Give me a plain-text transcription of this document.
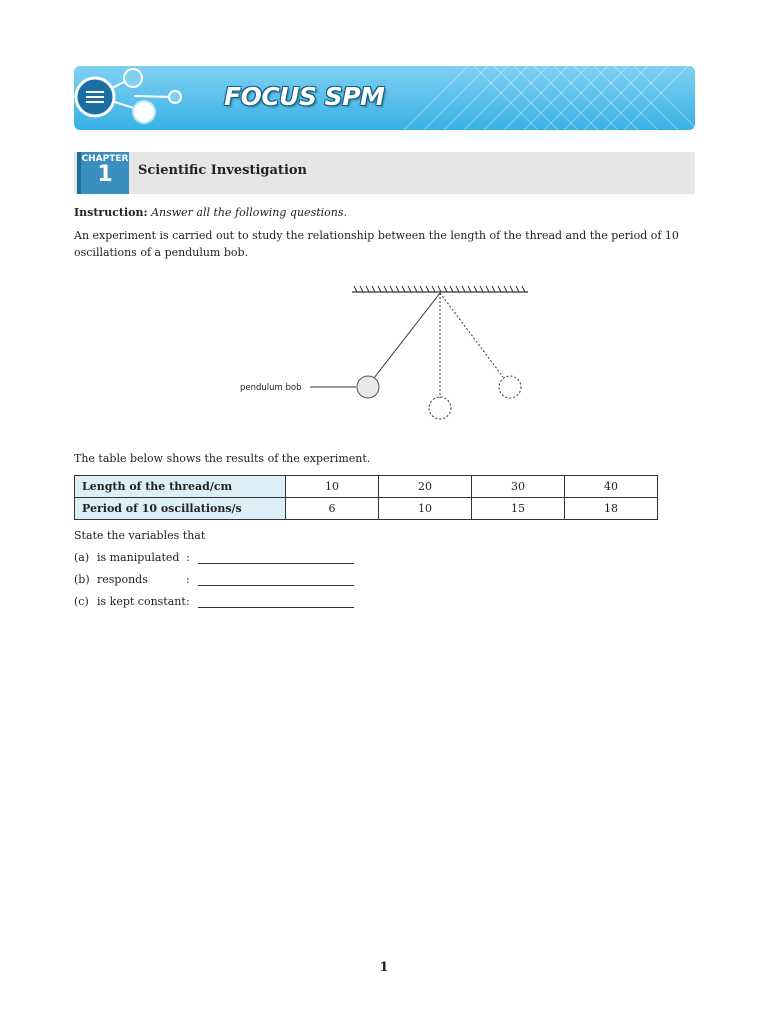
FOCUS SPM
CHAPTER
1	Scientific Investigation
Instruction: Answer all the following questions.
An experiment is carried out to study the relationship between the length of the thread and the period of 10 oscillations of a pendulum bob.
pendulum bob
The table below shows the results of the experiment.
Length of the thread/cm	10	20	30	40
Period of 10 oscillations/s	6	10	15	18
State the variables that
(a) is manipulated :
(b) responds	:
(c) is kept constant :
1
